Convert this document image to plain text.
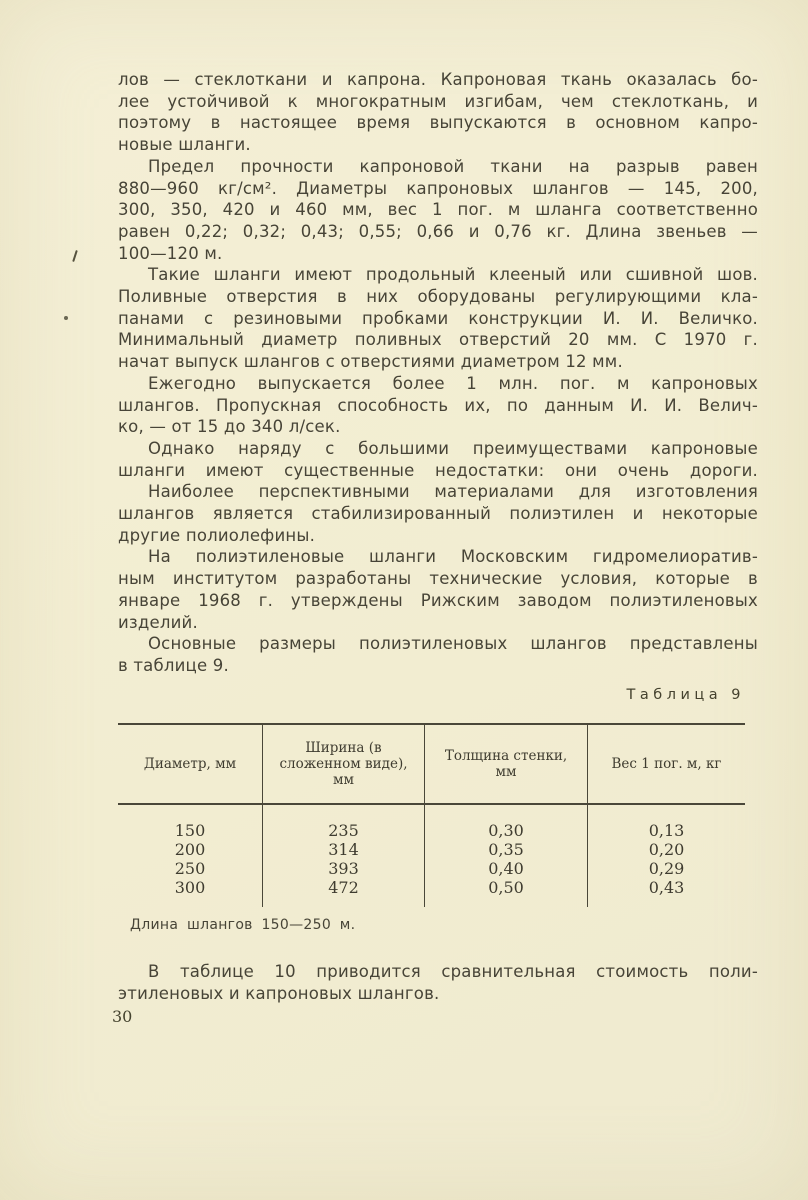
лов — стеклоткани и капрона. Капроновая ткань оказалась бо-
лее устойчивой к многократным изгибам, чем стеклоткань, и
поэтому в настоящее время выпускаются в основном капро-
новые шланги.
Предел прочности капроновой ткани на разрыв равен
880—960 кг/см². Диаметры капроновых шлангов — 145, 200,
300, 350, 420 и 460 мм, вес 1 пог. м шланга соответственно
равен 0,22; 0,32; 0,43; 0,55; 0,66 и 0,76 кг. Длина звеньев —
100—120 м.
Такие шланги имеют продольный клееный или сшивной шов.
Поливные отверстия в них оборудованы регулирующими кла-
панами с резиновыми пробками конструкции И. И. Величко.
Минимальный диаметр поливных отверстий 20 мм. С 1970 г.
начат выпуск шлангов с отверстиями диаметром 12 мм.
Ежегодно выпускается более 1 млн. пог. м капроновых
шлангов. Пропускная способность их, по данным И. И. Велич-
ко, — от 15 до 340 л/сек.
Однако наряду с большими преимуществами капроновые
шланги имеют существенные недостатки: они очень дороги.
Наиболее перспективными материалами для изготовления
шлангов является стабилизированный полиэтилен и некоторые
другие полиолефины.
На полиэтиленовые шланги Московским гидромелиоратив-
ным институтом разработаны технические условия, которые в
январе 1968 г. утверждены Рижским заводом полиэтиленовых
изделий.
Основные размеры полиэтиленовых шлангов представлены
в таблице 9.
Таблица 9
Диаметр, мм
Ширина (в сложенном виде), мм
Толщина стенки, мм	Вес 1 пог. м, кг
150
200
250
300
235
314
393
472
0,30
0,35
0,40
0,50
0,13
0,20
0,29
0,43
Длина шлангов 150—250 м.
В таблице 10 приводится сравнительная стоимость поли-
этиленовых и капроновых шлангов.
30
